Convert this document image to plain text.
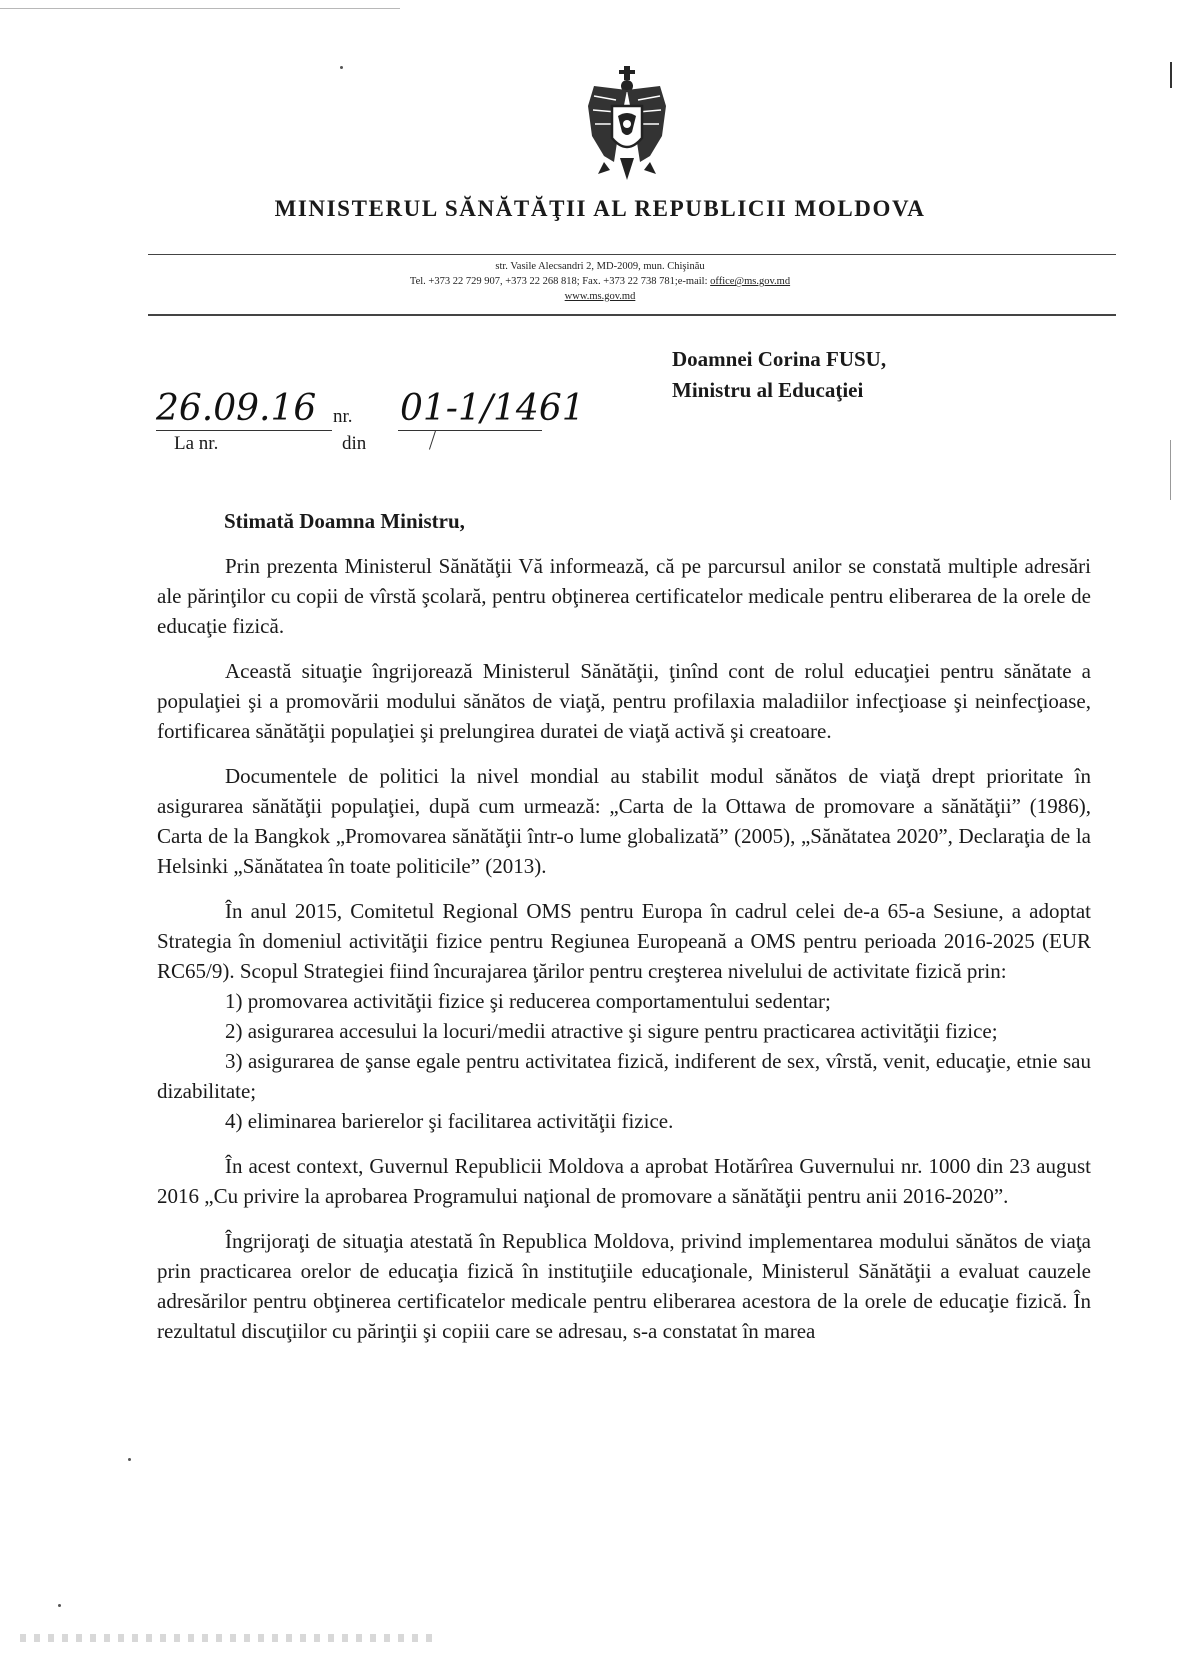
MINISTERUL SĂNĂTĂŢII AL REPUBLICII MOLDOVA
str. Vasile Alecsandri 2, MD-2009, mun. Chişinău
Tel. +373 22 729 907, +373 22 268 818; Fax. +373 22 738 781;e-mail: office@ms.gov.md
www.ms.gov.md
Doamnei Corina FUSU,
Ministru al Educaţiei
26.09.16 nr. 01-1/1461
La nr.	din
Stimată Doamna Ministru,

Prin prezenta Ministerul Sănătăţii Vă informează, că pe parcursul anilor se constată multiple adresări ale părinţilor cu copii de vîrstă şcolară, pentru obţinerea certificatelor medicale pentru eliberarea de la orele de educaţie fizică.

Această situaţie îngrijorează Ministerul Sănătăţii, ţinînd cont de rolul educaţiei pentru sănătate a populaţiei şi a promovării modului sănătos de viaţă, pentru profilaxia maladiilor infecţioase şi neinfecţioase, fortificarea sănătăţii populaţiei şi prelungirea duratei de viaţă activă şi creatoare.

Documentele de politici la nivel mondial au stabilit modul sănătos de viaţă drept prioritate în asigurarea sănătăţii populaţiei, după cum urmează: „Carta de la Ottawa de promovare a sănătăţii” (1986), Carta de la Bangkok „Promovarea sănătăţii într-o lume globalizată” (2005), „Sănătatea 2020”, Declaraţia de la Helsinki „Sănătatea în toate politicile” (2013).

În anul 2015, Comitetul Regional OMS pentru Europa în cadrul celei de-a 65-a Sesiune, a adoptat Strategia în domeniul activităţii fizice pentru Regiunea Europeană a OMS pentru perioada 2016-2025 (EUR RC65/9). Scopul Strategiei fiind încurajarea ţărilor pentru creşterea nivelului de activitate fizică prin:

1) promovarea activităţii fizice şi reducerea comportamentului sedentar;

2) asigurarea accesului la locuri/medii atractive şi sigure pentru practicarea activităţii fizice;

3) asigurarea de şanse egale pentru activitatea fizică, indiferent de sex, vîrstă, venit, educaţie, etnie sau dizabilitate;

4) eliminarea barierelor şi facilitarea activităţii fizice.

În acest context, Guvernul Republicii Moldova a aprobat Hotărîrea Guvernului nr. 1000 din 23 august 2016 „Cu privire la aprobarea Programului naţional de promovare a sănătăţii pentru anii 2016-2020”.

Îngrijoraţi de situaţia atestată în Republica Moldova, privind implementarea modului sănătos de viaţa prin practicarea orelor de educaţia fizică în instituţiile educaţionale, Ministerul Sănătăţii a evaluat cauzele adresărilor pentru obţinerea certificatelor medicale pentru eliberarea acestora de la orele de educaţie fizică. În rezultatul discuţiilor cu părinţii şi copiii care se adresau, s-a constatat în marea
